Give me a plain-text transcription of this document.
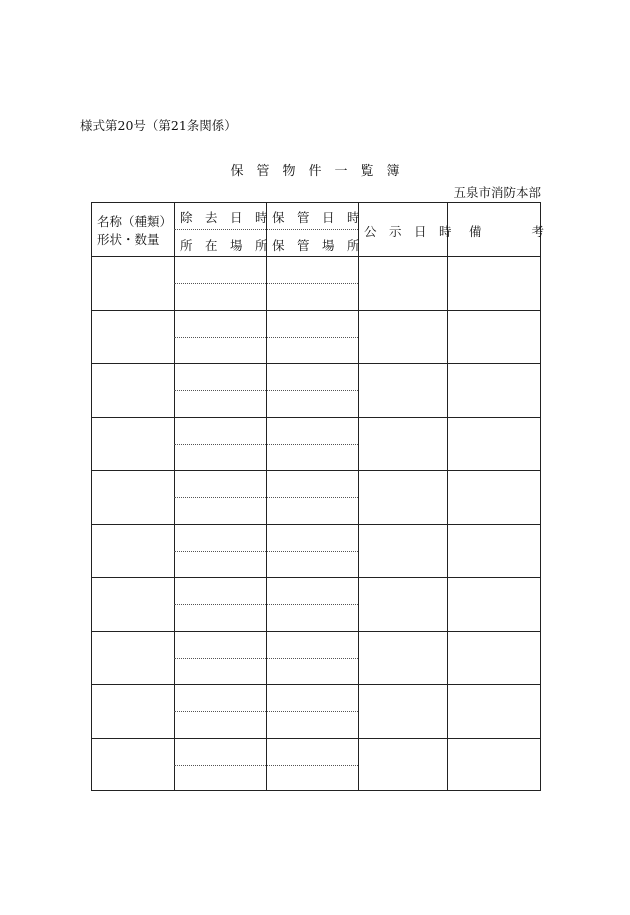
様式第20号（第21条関係）
保　管　物　件　一　覧　簿
五泉市消防本部
名称（種類）
形状・数量
除　去　日　時
所　在　場　所
保　管　日　時
保　管　場　所
公　示　日　時 備　　　　考
